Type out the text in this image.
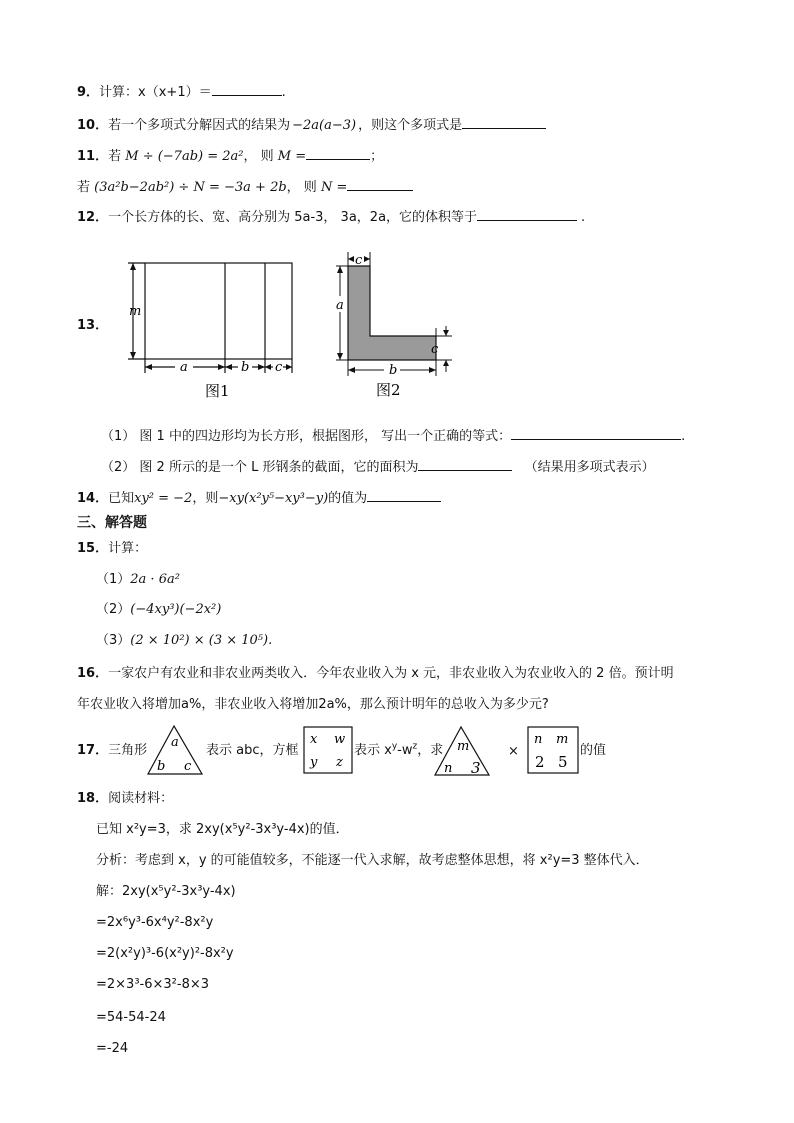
9．计算：x（x+1）＝	.
10．若一个多项式分解因式的结果为 −2a(a−3) ，则这个多项式是
11．若 M ÷ (−7ab) = 2a²， 则 M =	；
若 (3a²b−2ab²) ÷ N = −3a + 2b， 则 N =
12．一个长方体的长、宽、高分别为 5a-3， 3a，2a，它的体积等于	.
13．
m
a	b c
图1
c
a
c
b
图2
（1） 图 1 中的四边形均为长方形，根据图形， 写出一个正确的等式：	.
（2） 图 2 所示的是一个 L 形钢条的截面，它的面积为	（结果用多项式表示）
14．已知xy² = −2，则−xy(x²y⁵−xy³−y)的值为
三、解答题
15．计算：
（1）2a · 6a²
（2）(−4xy³)(−2x²)
（3）(2 × 10²) × (3 × 10⁵).
16．一家农户有农业和非农业两类收入．今年农业收入为 x 元，非农业收入为农业收入的 2 倍。预计明
年农业收入将增加a%，非农业收入将增加2a%，那么预计明年的总收入为多少元?
17．三角形
a
b c
表示 abc，方框
x w
y z
表示 $x^y-w^z$，求 m
n 3
×
n m
2 5
的值
18．阅读材料：
已知 x²y=3，求 2xy(x⁵y²-3x³y-4x)的值．
分析：考虑到 x，y 的可能值较多，不能逐一代入求解，故考虑整体思想，将 x²y=3 整体代入．
解：2xy(x⁵y²-3x³y-4x)
=2x⁶y³-6x⁴y²-8x²y
=2(x²y)³-6(x²y)²-8x²y
=2×3³-6×3²-8×3
=54-54-24
=-24
